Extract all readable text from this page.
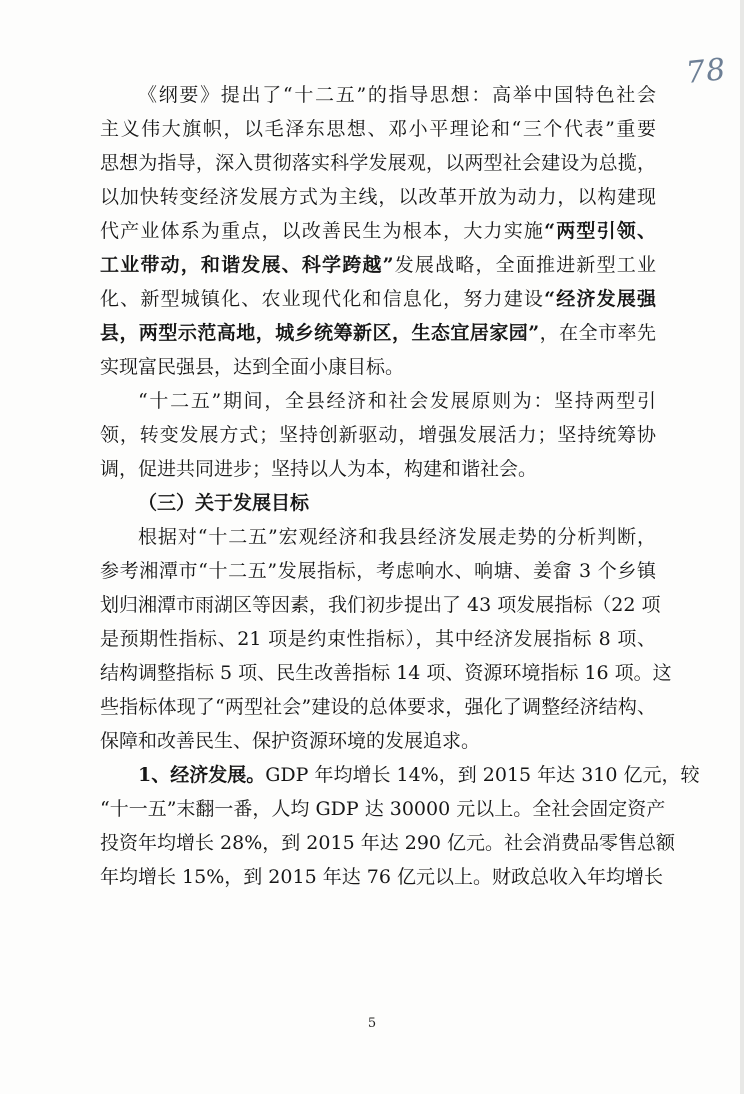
78
《纲要》提出了“十二五”的指导思想：高举中国特色社会
主义伟大旗帜，以毛泽东思想、邓小平理论和“三个代表”重要
思想为指导，深入贯彻落实科学发展观，以两型社会建设为总揽，
以加快转变经济发展方式为主线，以改革开放为动力，以构建现
代产业体系为重点，以改善民生为根本，大力实施“两型引领、
工业带动，和谐发展、科学跨越”发展战略，全面推进新型工业
化、新型城镇化、农业现代化和信息化，努力建设“经济发展强
县，两型示范高地，城乡统筹新区，生态宜居家园”，在全市率先
实现富民强县，达到全面小康目标。
“十二五”期间，全县经济和社会发展原则为：坚持两型引
领，转变发展方式；坚持创新驱动，增强发展活力；坚持统筹协
调，促进共同进步；坚持以人为本，构建和谐社会。
（三）关于发展目标
根据对“十二五”宏观经济和我县经济发展走势的分析判断，
参考湘潭市“十二五”发展指标，考虑响水、响塘、姜畲 3 个乡镇
划归湘潭市雨湖区等因素，我们初步提出了 43 项发展指标（22 项
是预期性指标、21 项是约束性指标），其中经济发展指标 8 项、
结构调整指标 5 项、民生改善指标 14 项、资源环境指标 16 项。这
些指标体现了“两型社会”建设的总体要求，强化了调整经济结构、
保障和改善民生、保护资源环境的发展追求。
1、经济发展。GDP 年均增长 14%，到 2015 年达 310 亿元，较
“十一五”末翻一番，人均 GDP 达 30000 元以上。全社会固定资产
投资年均增长 28%，到 2015 年达 290 亿元。社会消费品零售总额
年均增长 15%，到 2015 年达 76 亿元以上。财政总收入年均增长
5
